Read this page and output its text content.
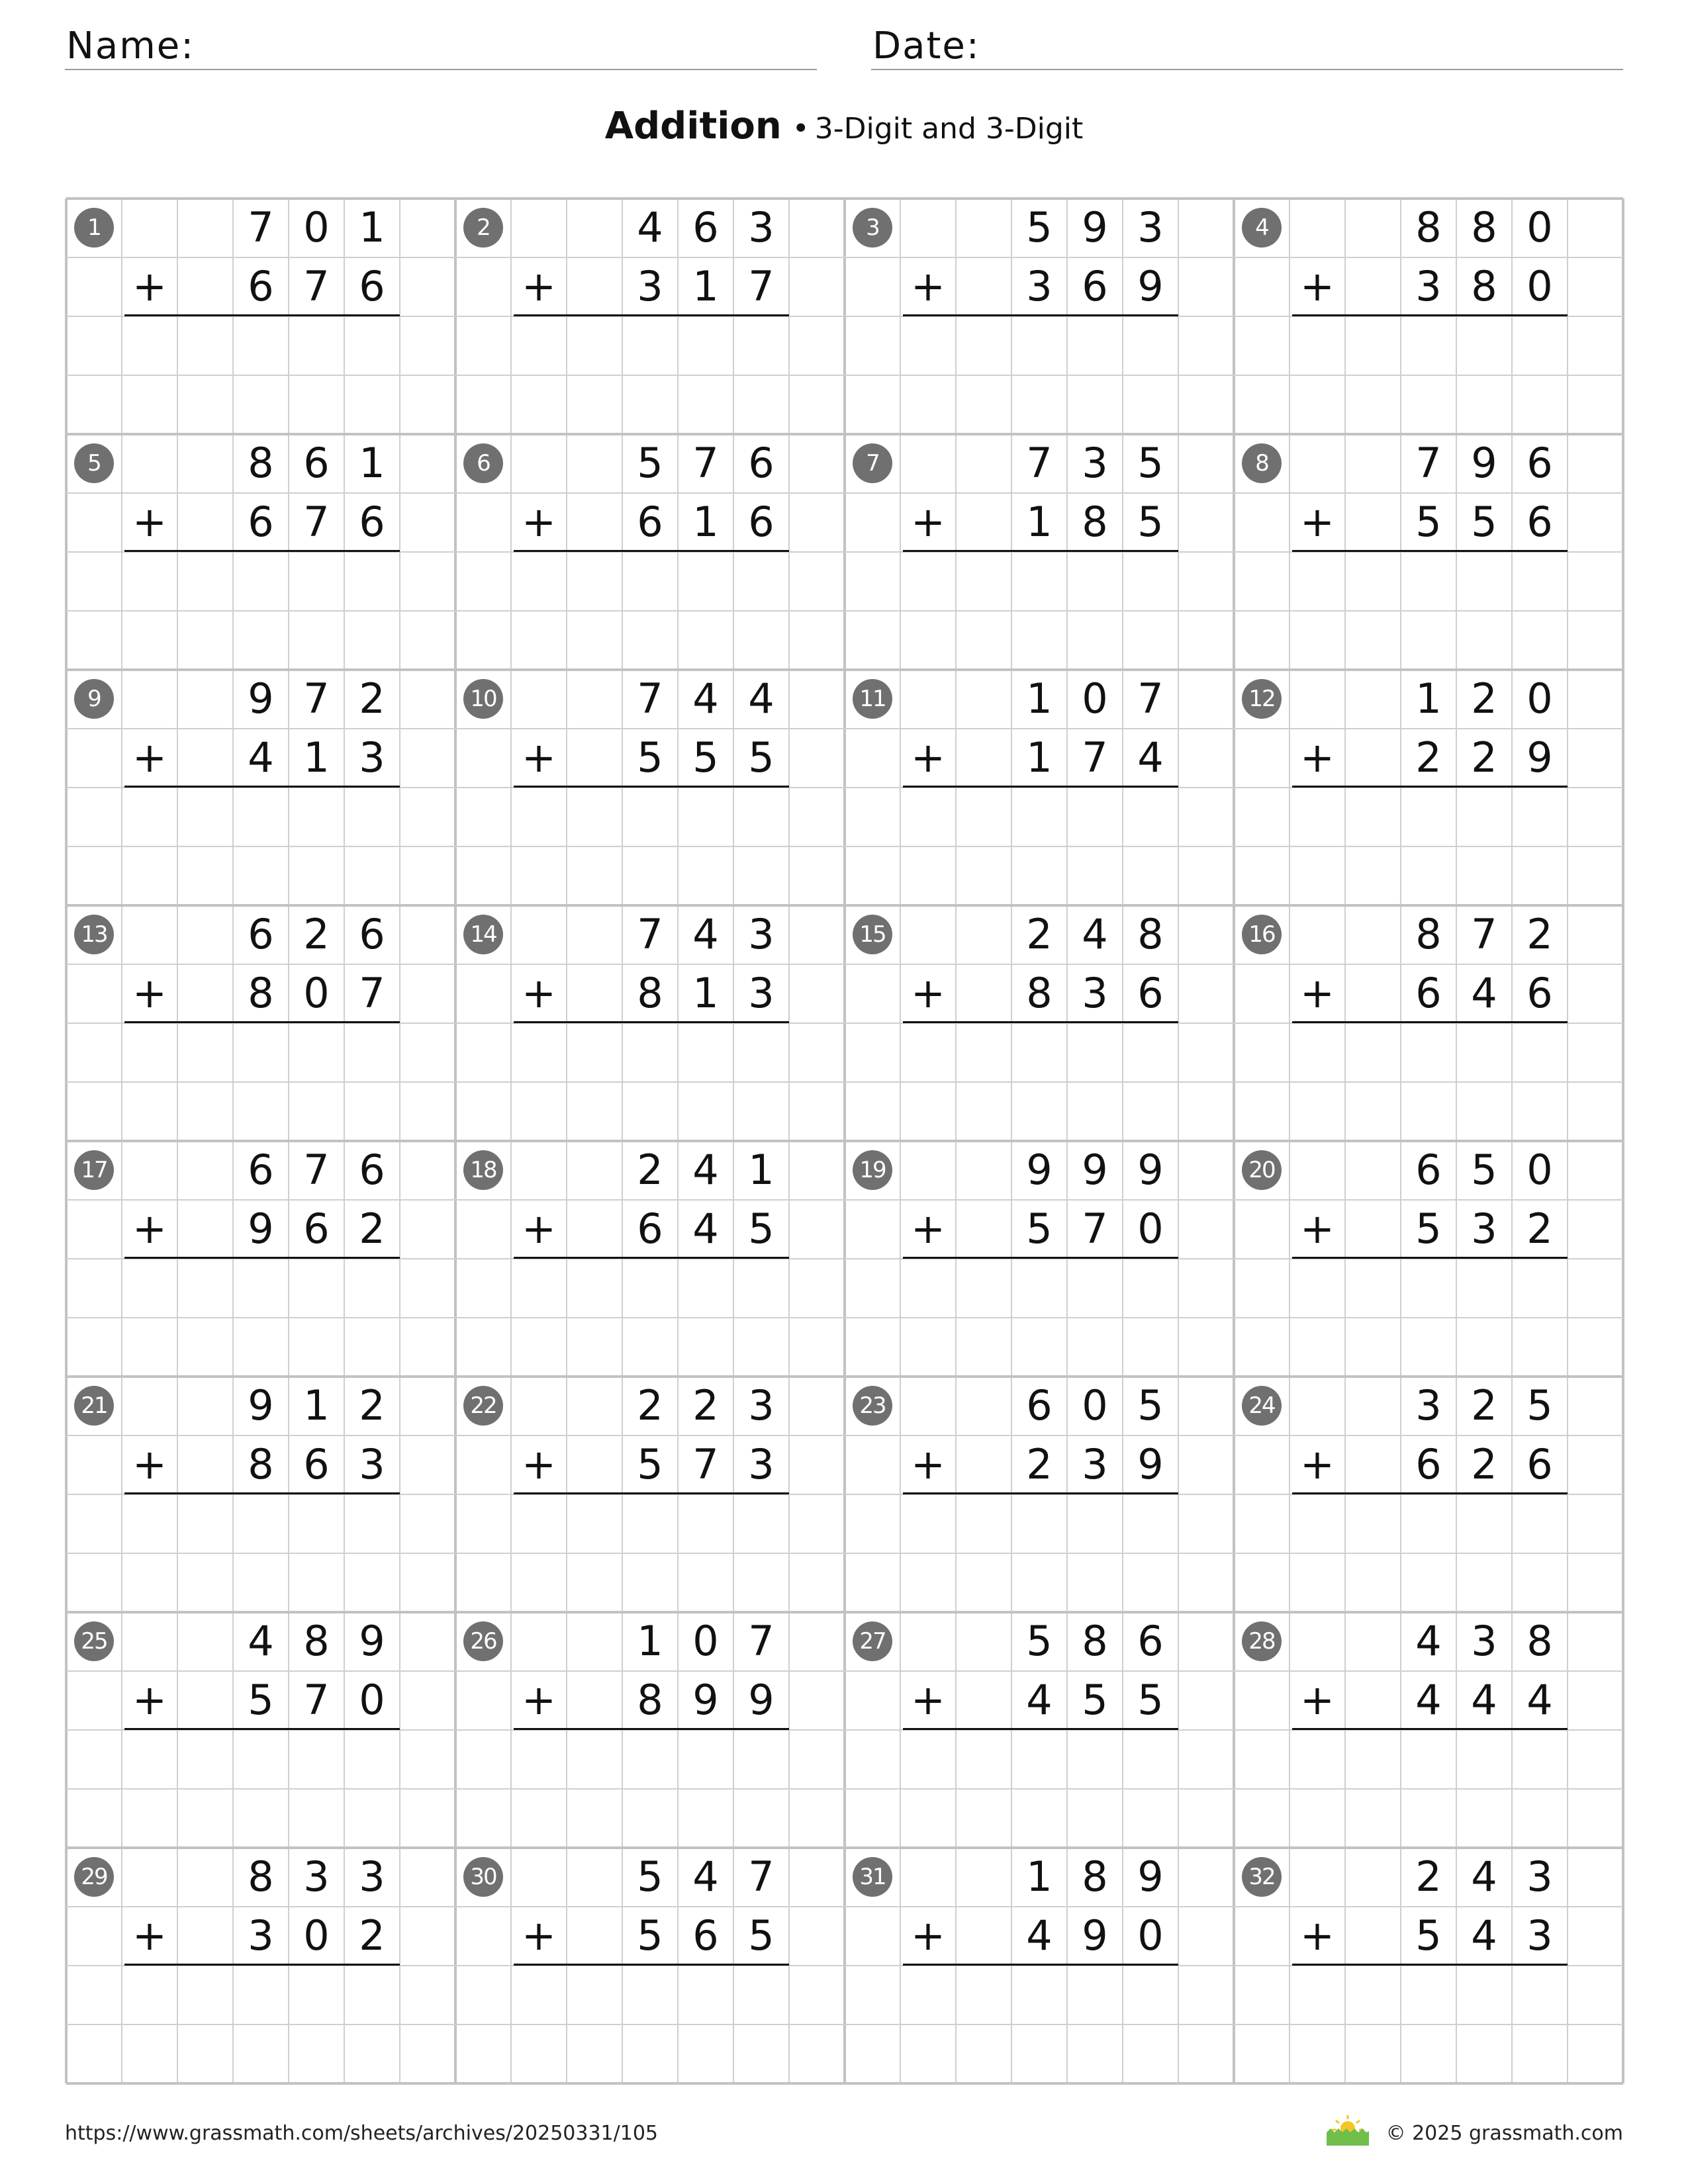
Name:	Date:
Addition • 3-Digit and 3-Digit
1	7 0 1
+	6 7 6
2	4 6 3
+	3 1 7
3	5 9 3
+	3 6 9
4	8 8 0
+	3 8 0
5	8 6 1
+	6 7 6
6	5 7 6
+	6 1 6
7	7 3 5
+	1 8 5
8	7 9 6
+	5 5 6
9	9 7 2
+	4 1 3
10	7 4 4
+	5 5 5
11	1 0 7
+	1 7 4
12	1 2 0
+	2 2 9
13	6 2 6
+	8 0 7
14	7 4 3
+	8 1 3
15	2 4 8
+	8 3 6
16	8 7 2
+	6 4 6
17	6 7 6
+	9 6 2
18	2 4 1
+	6 4 5
19	9 9 9
+	5 7 0
20	6 5 0
+	5 3 2
21	9 1 2
+	8 6 3
22	2 2 3
+	5 7 3
23	6 0 5
+	2 3 9
24	3 2 5
+	6 2 6
25	4 8 9
+	5 7 0
26	1 0 7
+	8 9 9
27	5 8 6
+	4 5 5
28	4 3 8
+	4 4 4
29	8 3 3
+	3 0 2
30	5 4 7
+	5 6 5
31	1 8 9
+	4 9 0
32	2 4 3
+	5 4 3
https://www.grassmath.com/sheets/archives/20250331/105	© 2025 grassmath.com
